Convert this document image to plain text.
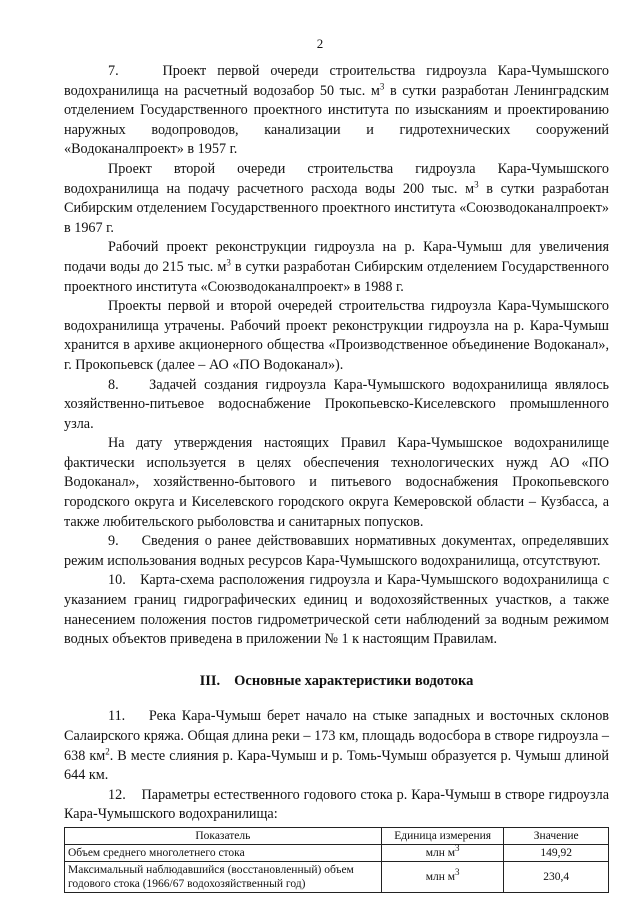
2

7.    Проект первой очереди строительства гидроузла Кара-Чумышского водохранилища на расчетный водозабор 50 тыс. $м^3$ в сутки разработан Ленинградским отделением Государственного проектного института по изысканиям и проектированию наружных водопроводов, канализации и гидротехнических сооружений «Водоканалпроект» в 1957 г.

Проект второй очереди строительства гидроузла Кара-Чумышского водохранилища на подачу расчетного расхода воды 200 тыс. $м^3$ в сутки разработан Сибирским отделением Государственного проектного института «Союзводоканалпроект» в 1967 г.

Рабочий проект реконструкции гидроузла на р. Кара-Чумыш для увеличения подачи воды до 215 тыс. $м^3$ в сутки разработан Сибирским отделением Государственного проектного института «Союзводоканалпроект» в 1988 г.

Проекты первой и второй очередей строительства гидроузла Кара-Чумышского водохранилища утрачены. Рабочий проект реконструкции гидроузла на р. Кара-Чумыш хранится в архиве акционерного общества «Производственное объединение Водоканал», г. Прокопьевск (далее – АО «ПО Водоканал»).

8.    Задачей создания гидроузла Кара-Чумышского водохранилища являлось хозяйственно-питьевое водоснабжение Прокопьевско-Киселевского промышленного узла.

На дату утверждения настоящих Правил Кара-Чумышское водохранилище фактически используется в целях обеспечения технологических нужд АО «ПО Водоканал», хозяйственно-бытового и питьевого водоснабжения Прокопьевского городского округа и Киселевского городского округа Кемеровской области – Кузбасса, а также любительского рыболовства и санитарных попусков.

9.    Сведения о ранее действовавших нормативных документах, определявших режим использования водных ресурсов Кара-Чумышского водохранилища, отсутствуют.

10.   Карта-схема расположения гидроузла и Кара-Чумышского водохранилища с указанием границ гидрографических единиц и водохозяйственных участков, а также нанесением положения постов гидрометрической сети наблюдений за водным режимом водных объектов приведена в приложении № 1 к настоящим Правилам.

III. Основные характеристики водотока

11.    Река Кара-Чумыш берет начало на стыке западных и восточных склонов Салаирского кряжа. Общая длина реки – 173 км, площадь водосбора в створе гидроузла – 638 $км^2$. В месте слияния р. Кара-Чумыш и р. Томь-Чумыш образуется р. Чумыш длиной 644 км.

12.    Параметры естественного годового стока р. Кара-Чумыш в створе гидроузла Кара-Чумышского водохранилища:

Показатель	Единица измерения	Значение
Объем среднего многолетнего стока	млн $м^3$	149,92
Максимальный наблюдавшийся (восстановленный) объем годового стока (1966/67 водохозяйственный год)	млн $м^3$	230,4
